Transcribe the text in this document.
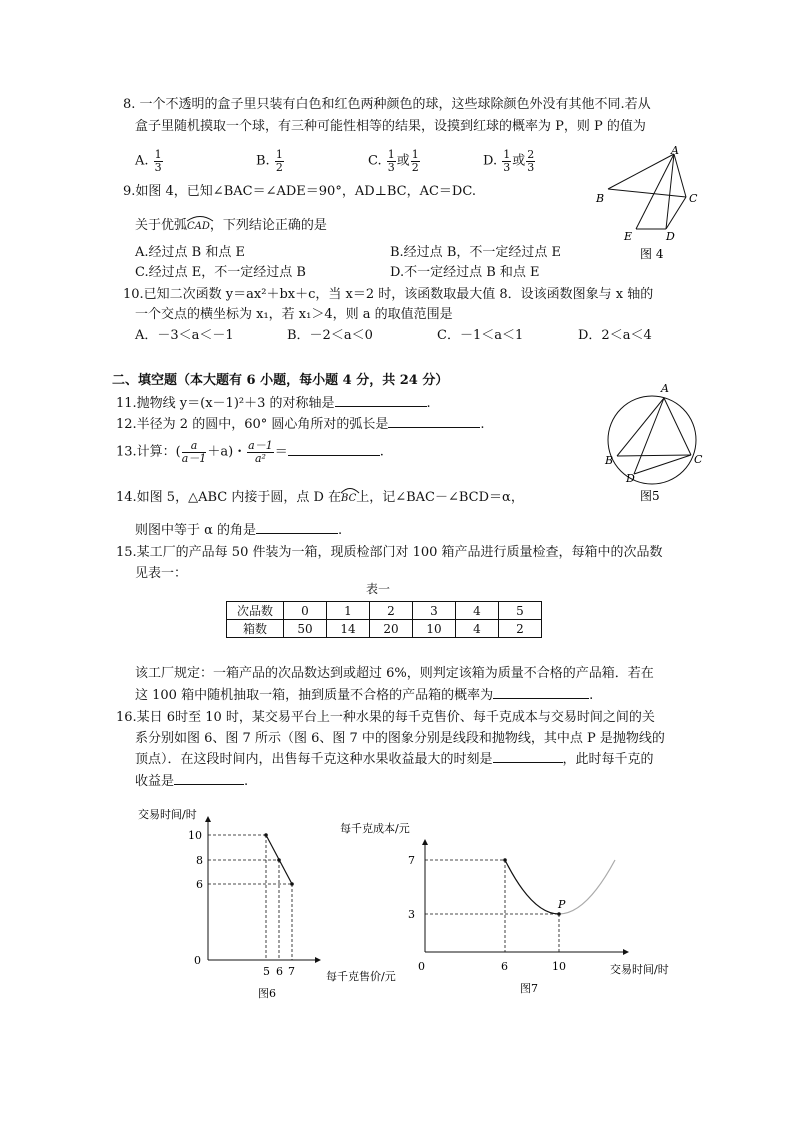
8. 一个不透明的盒子里只装有白色和红色两种颜色的球，这些球除颜色外没有其他不同.若从
盒子里随机摸取一个球，有三种可能性相等的结果，设摸到红球的概率为 P，则 P 的值为
A. $\frac{1}{3}$	B. $\frac{1}{2}$	C. $\frac{1}{3}$ 或 $\frac{1}{2}$	D. $\frac{1}{3}$ 或 $\frac{2}{3}$
9.如图 4，已知∠BAC＝∠ADE＝90°，AD⊥BC，AC＝DC.
关于优弧
CAD，下列结论正确的是
A.经过点 B 和点 E	B.经过点 B，不一定经过点 E
C.经过点 E，不一定经过点 B	D.不一定经过点 B 和点 E
A
B	C
D
E
图 4
10.已知二次函数 y＝ax²＋bx＋c，当 x＝2 时，该函数取最大值 8．设该函数图象与 x 轴的
一个交点的横坐标为 x₁，若 x₁＞4，则 a 的取值范围是
A．－3＜a＜－1	B．－2＜a＜0	C．－1＜a＜1	D．2＜a＜4
二、填空题（本大题有 6 小题，每小题 4 分，共 24 分）
11.抛物线 y＝(x－1)²＋3 的对称轴是	.
12.半径为 2 的圆中，60° 圆心角所对的弧长是	.
13.计算：( $\frac{a}{a-1} +a$)・ $\frac{a-1}{\text{a²}}$ ＝	.
14.如图 5，△ABC 内接于圆，点 D 在
BC上，记∠BAC－∠BCD＝α，
则图中等于 α 的角是	.
A
B	C
D
图5
15.某工厂的产品每 50 件装为一箱，现质检部门对 100 箱产品进行质量检查，每箱中的次品数
见表一：
表一
次品数	0	1	2	3	4	5
箱数	50	14	20	10	4	2
该工厂规定：一箱产品的次品数达到或超过 6%，则判定该箱为质量不合格的产品箱．若在
这 100 箱中随机抽取一箱，抽到质量不合格的产品箱的概率为	.
16.某日 6时至 10 时，某交易平台上一种水果的每千克售价、每千克成本与交易时间之间的关
系分别如图 6、图 7 所示（图 6、图 7 中的图象分别是线段和抛物线，其中点 P 是抛物线的
顶点）．在这段时间内，出售每千克这种水果收益最大的时刻是	，此时每千克的
收益是	.
交易时间/时
每千克售价/元
0
10
8
6
5 6 7
图6
每千克成本/元
交易时间/时
0
7
3
6	10
P
图7
